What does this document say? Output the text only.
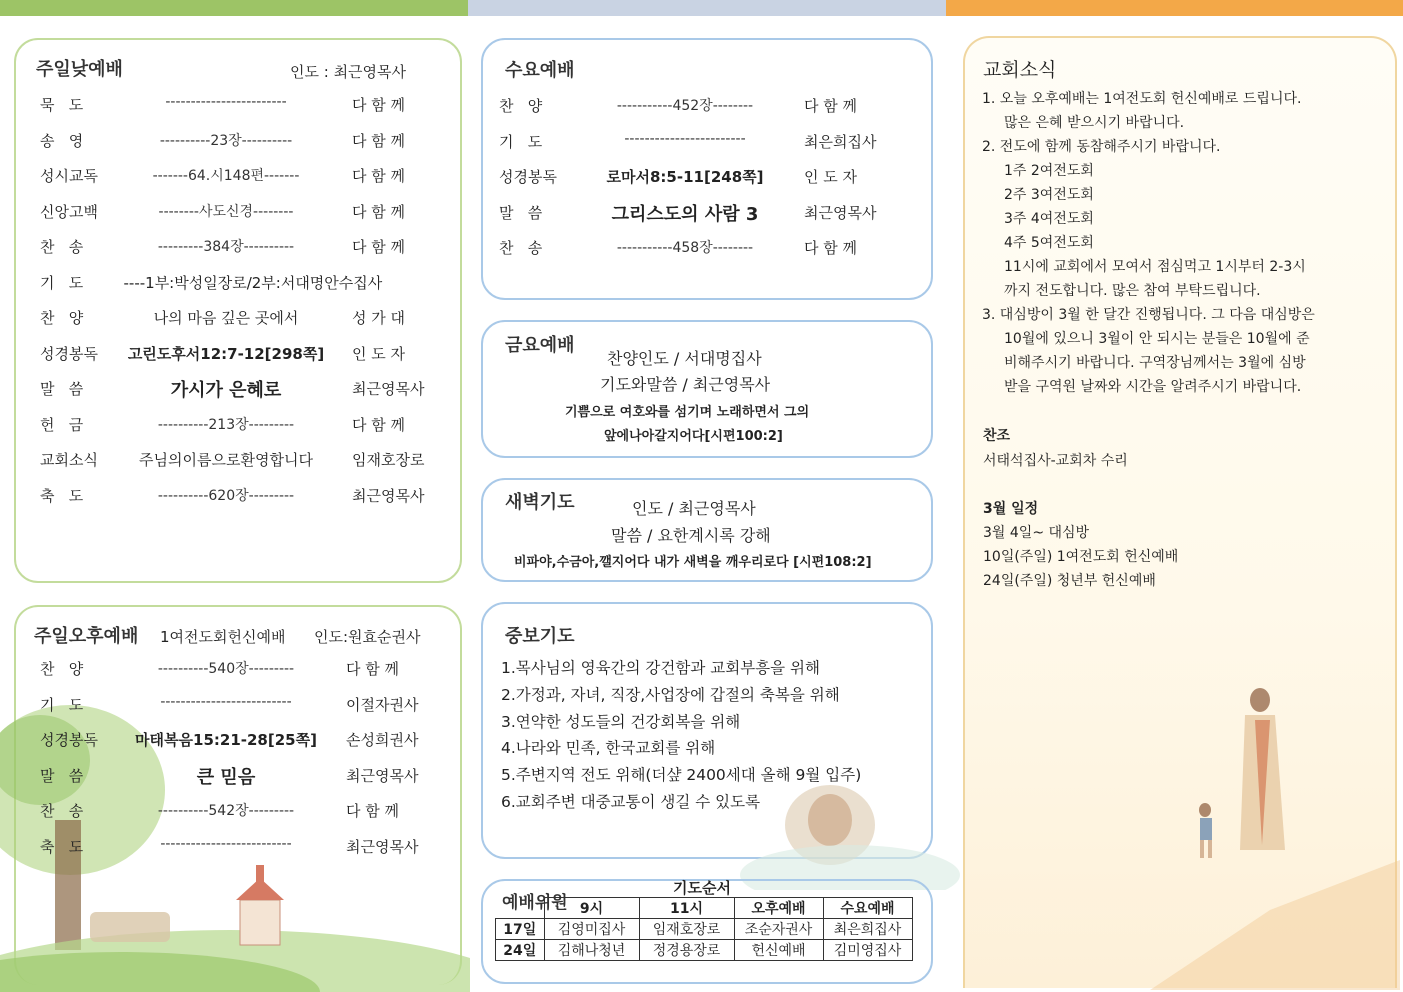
주일낮예배	인도 : 최근영목사
묵   도	------------------------	다 함 께
송   영	----------23장----------	다 함 께
성시교독	-------64.시148편-------	다 함 께
신앙고백	--------사도신경--------	다 함 께
찬   송	---------384장----------	다 함 께
기   도	----1부:박성일장로/2부:서대명안수집사
찬   양	나의 마음 깊은 곳에서	성 가 대
성경봉독 고린도후서12:7-12[298쪽] 인 도 자
말   씀	가시가 은혜로	최근영목사
헌   금	----------213장---------	다 함 께
교회소식	주님의이름으로환영합니다	임재호장로
축   도	----------620장---------	최근영목사
주일오후예배 1여전도회헌신예배 인도:원효순권사
찬   양	----------540장---------	다 함 께
기   도	--------------------------	이절자권사
성경봉독	마태복음15:21-28[25쪽]	손성희권사
말   씀	큰 믿음	최근영목사
찬   송	----------542장---------	다 함 께
축   도	--------------------------	최근영목사
수요예배
찬   양	-----------452장--------	다 함 께
기   도	------------------------	최은희집사
성경봉독	로마서8:5-11[248쪽]	인 도 자
말   씀	그리스도의 사람 3	최근영목사
찬   송	-----------458장--------	다 함 께
금요예배
찬양인도 / 서대명집사
기도와말씀 / 최근영목사
기쁨으로 여호와를 섬기며 노래하면서 그의
앞에나아갈지어다[시편100:2]
새벽기도	인도 / 최근영목사
말씀 / 요한계시록 강해
비파야,수금아,깰지어다 내가 새벽을 깨우리로다 [시편108:2]
중보기도
1.목사님의 영육간의 강건함과 교회부흥을 위해
2.가정과, 자녀, 직장,사업장에 갑절의 축복을 위해
3.연약한 성도들의 건강회복을 위해
4.나라와 민족, 한국교회를 위해
5.주변지역 전도 위해(더샾 2400세대 올해 9월 입주)
6.교회주변 대중교통이 생길 수 있도록
기도순서
예배위원
	9시	11시	오후예배	수요예배
17일	김영미집사	임재호장로	조순자권사	최은희집사
24일	김해나청년	정경용장로	헌신예배	김미영집사
교회소식
1. 오늘 오후예배는 1여전도회 헌신예배로 드립니다.
많은 은혜 받으시기 바랍니다.
2. 전도에 함께 동참해주시기 바랍니다.
1주 2여전도회
2주 3여전도회
3주 4여전도회
4주 5여전도회
11시에 교회에서 모여서 점심먹고 1시부터 2-3시
까지 전도합니다. 많은 참여 부탁드립니다.
3. 대심방이 3월 한 달간 진행됩니다. 그 다음 대심방은
10월에 있으니 3월이 안 되시는 분들은 10월에 준
비해주시기 바랍니다. 구역장님께서는 3월에 심방
받을 구역원 날짜와 시간을 알려주시기 바랍니다.
찬조
서태석집사-교회차 수리
3월 일정
3월 4일~ 대심방
10일(주일) 1여전도회 헌신예배
24일(주일) 청년부 헌신예배
